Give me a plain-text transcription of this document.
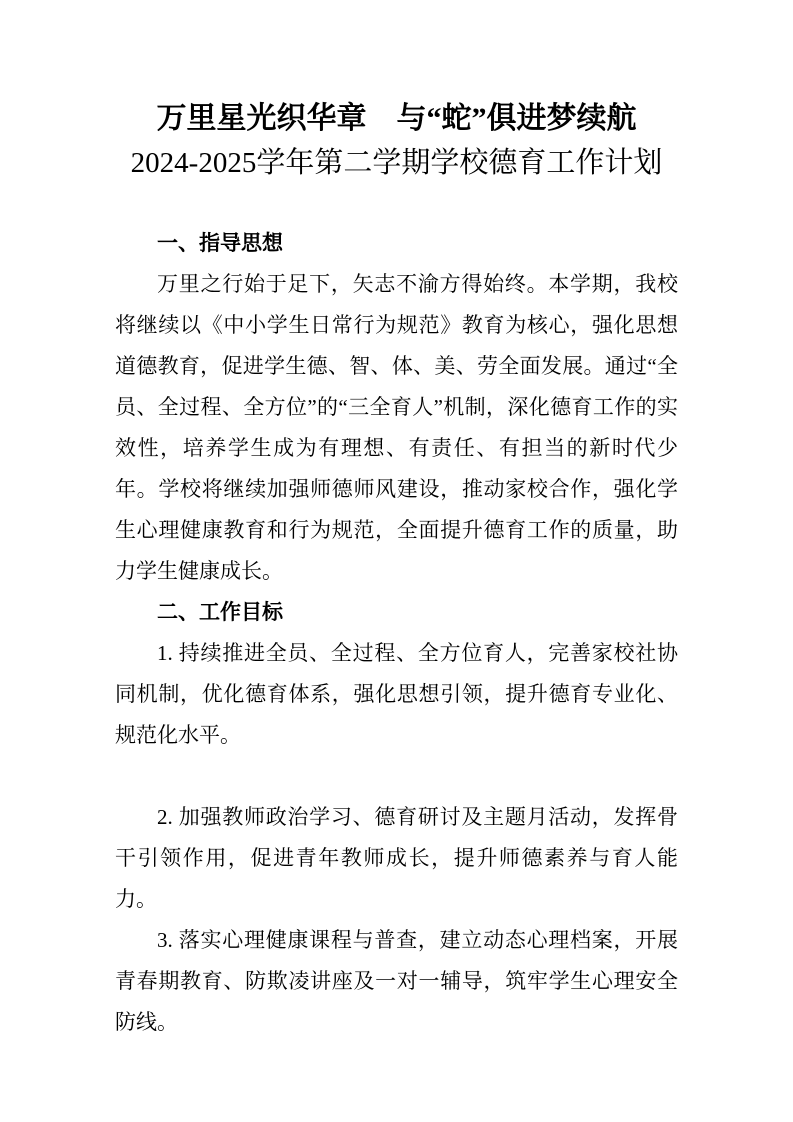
万里星光织华章　与“蛇”俱进梦续航
2024-2025学年第二学期学校德育工作计划
一、指导思想

万里之行始于足下，矢志不渝方得始终。本学期，我校将继续以《中小学生日常行为规范》教育为核心，强化思想道德教育，促进学生德、智、体、美、劳全面发展。通过“全员、全过程、全方位”的“三全育人”机制，深化德育工作的实效性，培养学生成为有理想、有责任、有担当的新时代少年。学校将继续加强师德师风建设，推动家校合作，强化学生心理健康教育和行为规范，全面提升德育工作的质量，助力学生健康成长。

二、工作目标

1. 持续推进全员、全过程、全方位育人，完善家校社协同机制，优化德育体系，强化思想引领，提升德育专业化、规范化水平。

2. 加强教师政治学习、德育研讨及主题月活动，发挥骨干引领作用，促进青年教师成长，提升师德素养与育人能力。

3. 落实心理健康课程与普查，建立动态心理档案，开展青春期教育、防欺凌讲座及一对一辅导，筑牢学生心理安全防线。
